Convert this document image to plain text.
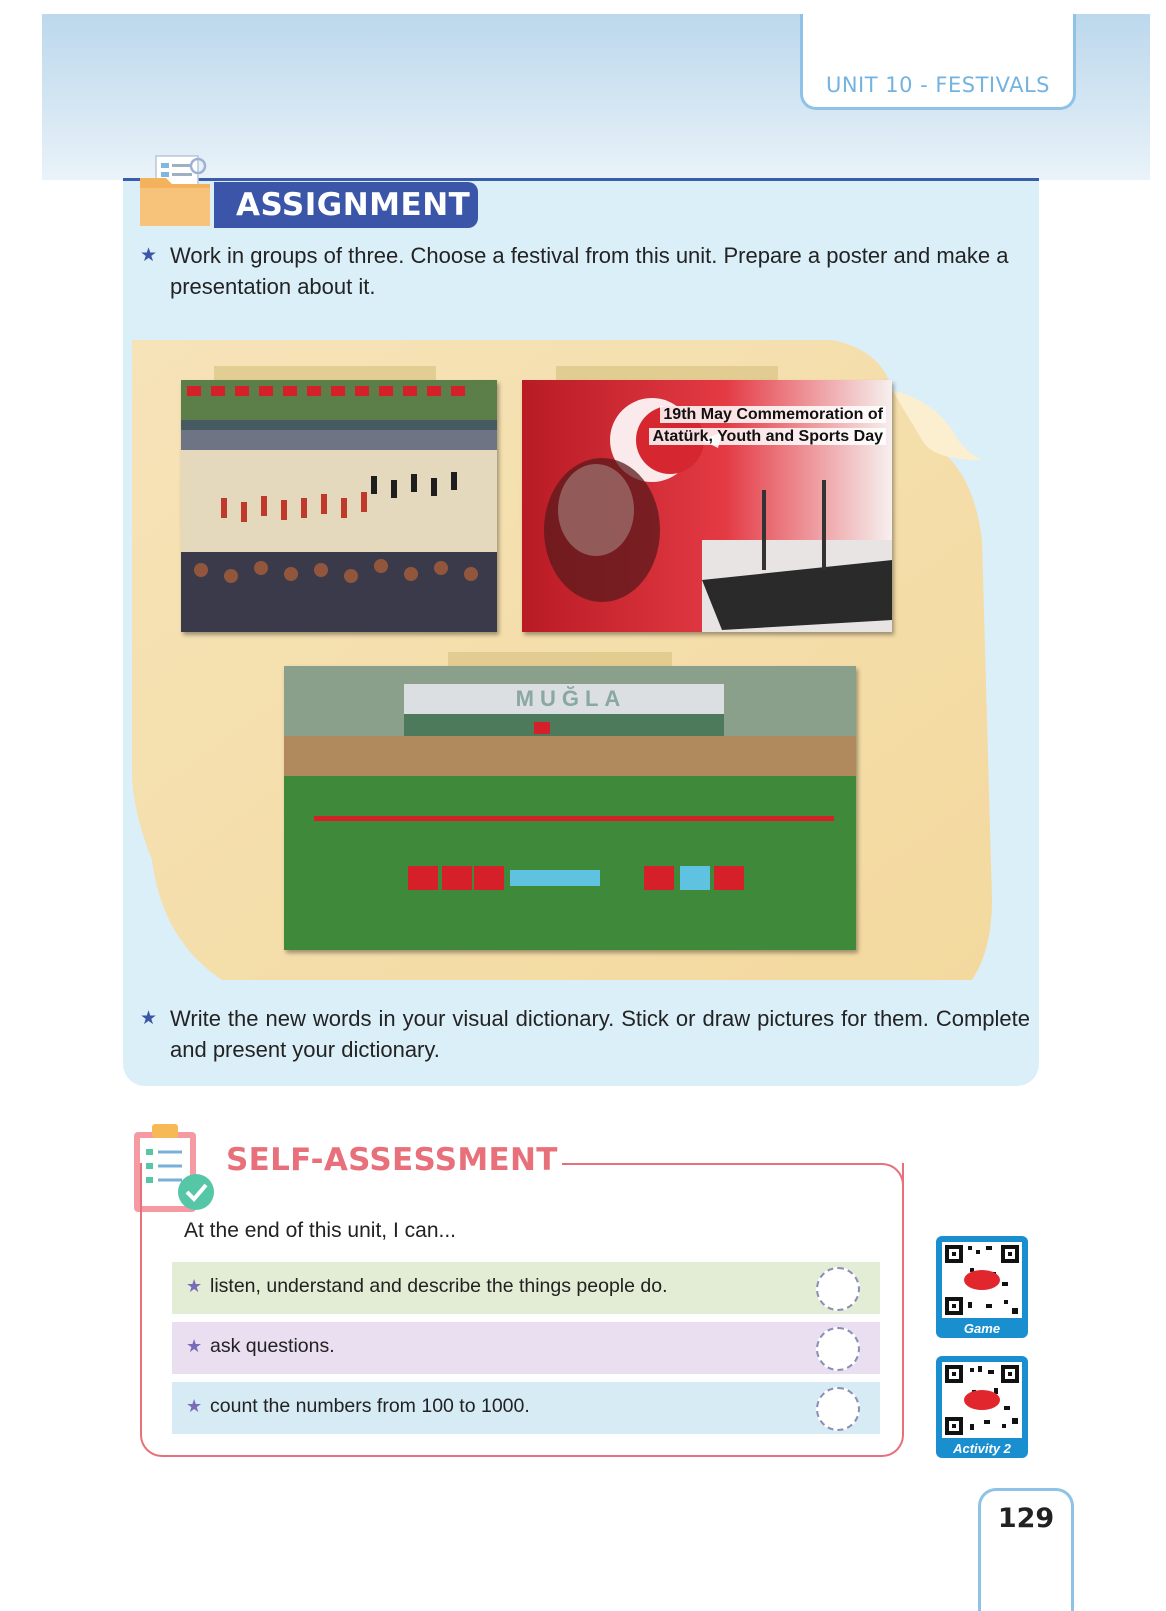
UNIT 10 - FESTIVALS
ASSIGNMENT
★ Work in groups of three. Choose a festival from this unit. Prepare a poster and make a presentation about it.
19th May Commemoration of
Atatürk, Youth and Sports Day
MUĞLA
★ Write the new words in your visual dictionary. Stick or draw pictures for them. Complete and present your dictionary.
SELF-ASSESSMENT
At the end of this unit, I can...
★ listen, understand and describe the things people do.
★ ask questions.
★ count the numbers from 100 to 1000.
Game
Activity 2
129
